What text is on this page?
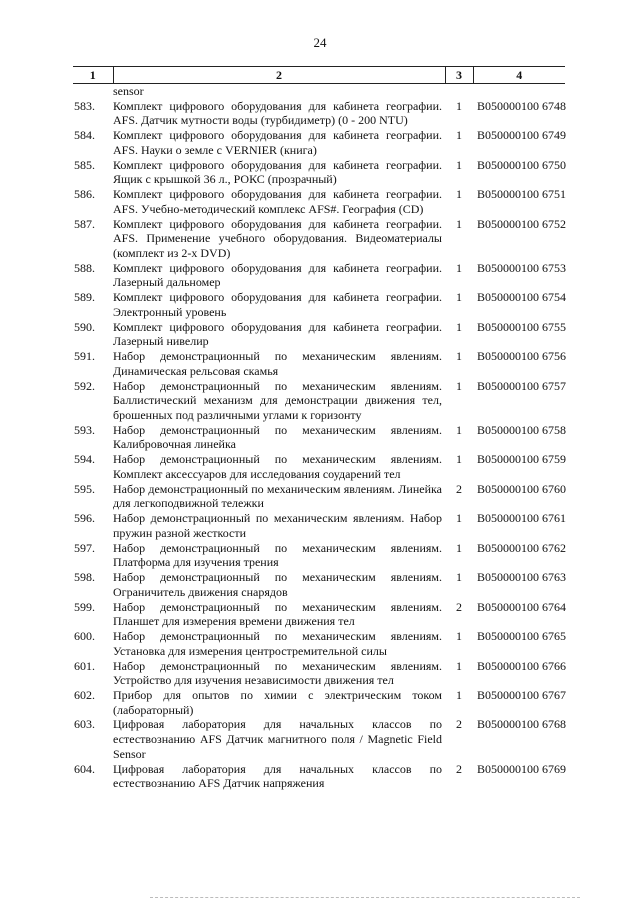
24
1	2	3	4
	sensor		
583.	Комплект цифрового оборудования для кабинета географии. AFS. Датчик мутности воды (турбидиметр) (0 - 200 NTU)	1	B050000100 6748
584.	Комплект цифрового оборудования для кабинета географии. AFS. Науки о земле с VERNIER (книга)	1	B050000100 6749
585.	Комплект цифрового оборудования для кабинета географии. Ящик с крышкой 36 л., РОКС (прозрачный)	1	B050000100 6750
586.	Комплект цифрового оборудования для кабинета географии. AFS. Учебно-методический комплекс AFS#. География (CD)	1	B050000100 6751
587.	Комплект цифрового оборудования для кабинета географии. AFS. Применение учебного оборудования. Видеоматериалы (комплект из 2-х DVD)	1	B050000100 6752
588.	Комплект цифрового оборудования для кабинета географии. Лазерный дальномер	1	B050000100 6753
589.	Комплект цифрового оборудования для кабинета географии. Электронный уровень	1	B050000100 6754
590.	Комплект цифрового оборудования для кабинета географии. Лазерный нивелир	1	B050000100 6755
591.	Набор демонстрационный по механическим явлениям. Динамическая рельсовая скамья	1	B050000100 6756
592.	Набор демонстрационный по механическим явлениям. Баллистический механизм для демонстрации движения тел, брошенных под различными углами к горизонту	1	B050000100 6757
593.	Набор демонстрационный по механическим явлениям. Калибровочная линейка	1	B050000100 6758
594.	Набор демонстрационный по механическим явлениям. Комплект аксессуаров для исследования соударений тел	1	B050000100 6759
595.	Набор демонстрационный по механическим явлениям. Линейка для легкоподвижной тележки	2	B050000100 6760
596.	Набор демонстрационный по механическим явлениям. Набор пружин разной жесткости	1	B050000100 6761
597.	Набор демонстрационный по механическим явлениям. Платформа для изучения трения	1	B050000100 6762
598.	Набор демонстрационный по механическим явлениям. Ограничитель движения снарядов	1	B050000100 6763
599.	Набор демонстрационный по механическим явлениям. Планшет для измерения времени движения тел	2	B050000100 6764
600.	Набор демонстрационный по механическим явлениям. Установка для измерения центростремительной силы	1	B050000100 6765
601.	Набор демонстрационный по механическим явлениям. Устройство для изучения независимости движения тел	1	B050000100 6766
602.	Прибор для опытов по химии с электрическим током (лабораторный)	1	B050000100 6767
603.	Цифровая лаборатория для начальных классов по естествознанию AFS Датчик магнитного поля / Magnetic Field Sensor	2	B050000100 6768
604.	Цифровая лаборатория для начальных классов по естествознанию AFS Датчик напряжения	2	B050000100 6769
